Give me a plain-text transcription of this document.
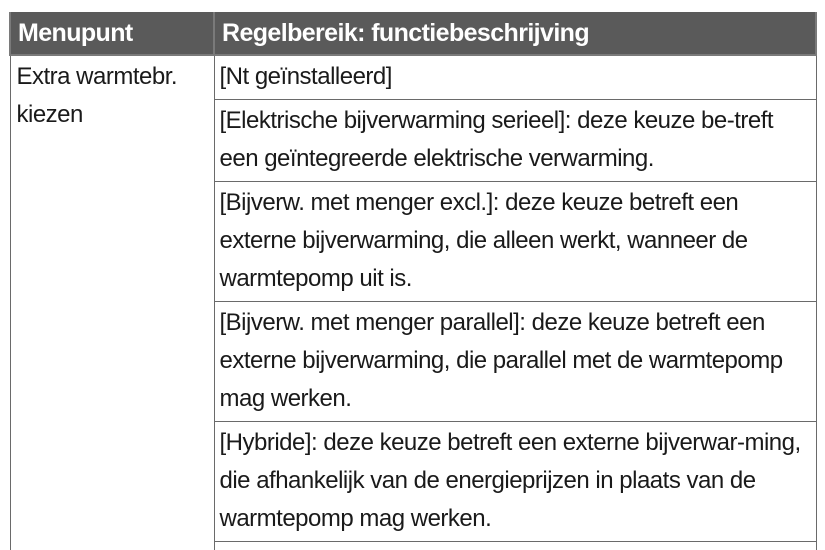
Menupunt	Regelbereik: functiebeschrijving
Extra warmtebr. kiezen	[Nt geïnstalleerd]

	[Elektrische bijverwarming serieel]: deze keuze be-treft een geïntegreerde elektrische verwarming.

	[Bijverw. met menger excl.]: deze keuze betreft een externe bijverwarming, die alleen werkt, wanneer de warmtepomp uit is.

	[Bijverw. met menger parallel]: deze keuze betreft een externe bijverwarming, die parallel met de warmtepomp mag werken.

	[Hybride]: deze keuze betreft een externe bijverwar-ming, die afhankelijk van de energieprijzen in plaats van de warmtepomp mag werken.
